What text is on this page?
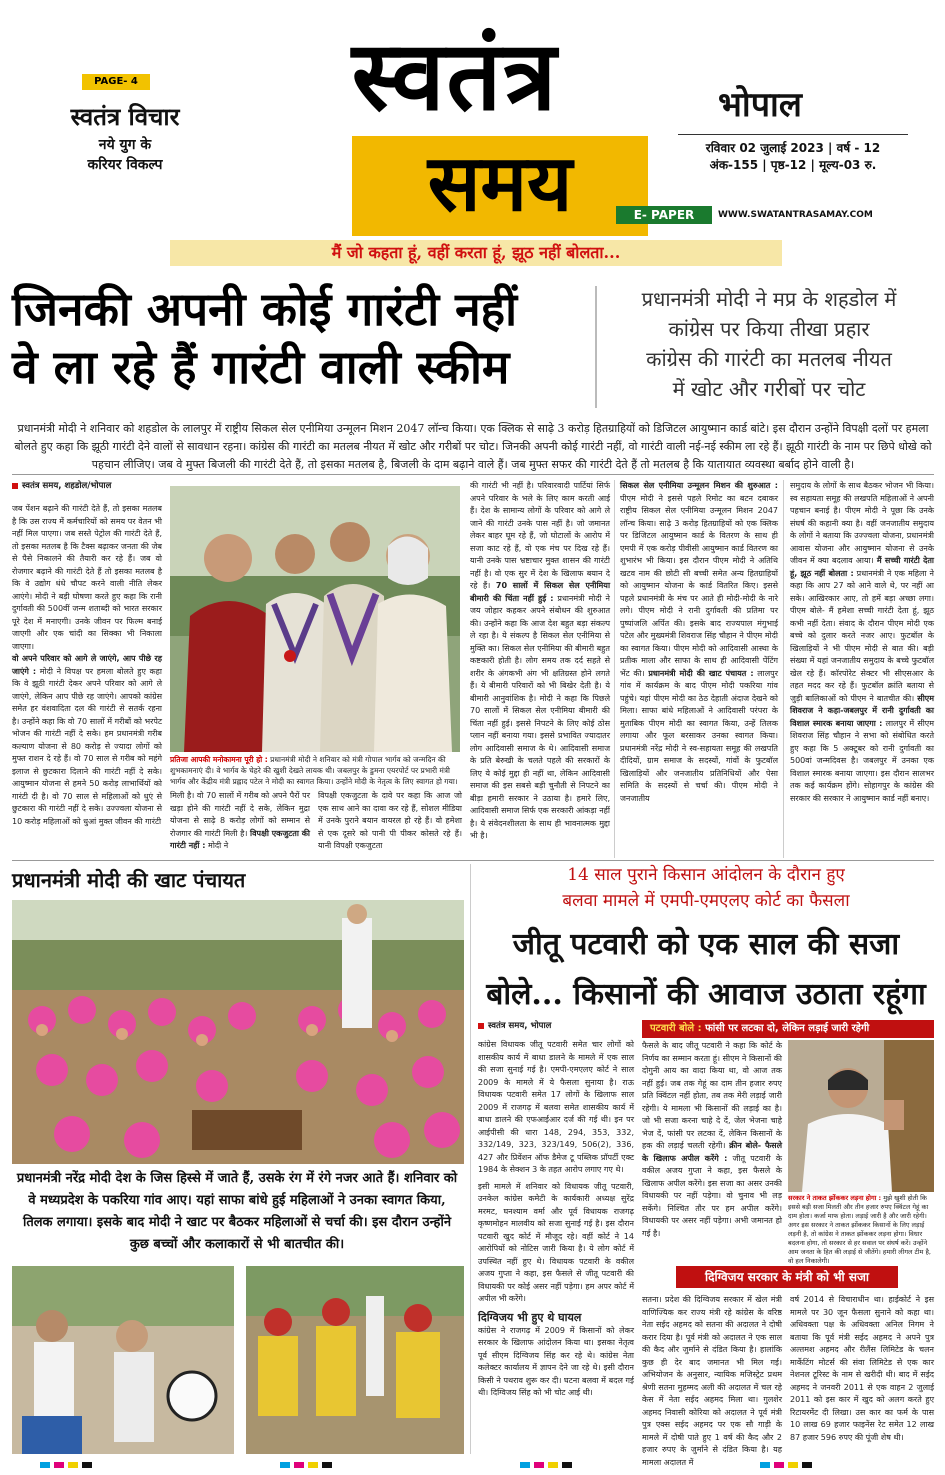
PAGE- 4
स्वतंत्र विचार
नये युग के
करियर विकल्प
स्वतंत्र
समय
भोपाल
रविवार 02 जुलाई 2023 | वर्ष - 12
अंक-155 | पृष्ठ-12 | मूल्य-03 रु.
E- PAPER	WWW.SWATANTRASAMAY.COM
मैं जो कहता हूं, वहीं करता हूं, झूठ नहीं बोलता...
जिनकी अपनी कोई गारंटी नहीं
वे ला रहे हैं गारंटी वाली स्कीम
प्रधानमंत्री मोदी ने मप्र के शहडोल में
कांग्रेस पर किया तीखा प्रहार
कांग्रेस की गारंटी का मतलब नीयत
में खोट और गरीबों पर चोट
प्रधानमंत्री मोदी ने शनिवार को शहडोल के लालपुर में राष्ट्रीय सिकल सेल एनीमिया उन्मूलन मिशन 2047 लॉन्च किया। एक क्लिक से साढ़े 3 करोड़ हितग्राहियों को डिजिटल आयुष्मान कार्ड बांटे। इस दौरान उन्होंने विपक्षी दलों पर हमला बोलते हुए कहा कि झूठी गारंटी देने वालों से सावधान रहना। कांग्रेस की गारंटी का मतलब नीयत में खोट और गरीबों पर चोट। जिनकी अपनी कोई गारंटी नहीं, वो गारंटी वाली नई-नई स्कीम ला रहे हैं। झूठी गारंटी के नाम पर छिपे धोखे को पहचान लीजिए। जब वे मुफ्त बिजली की गारंटी देते हैं, तो इसका मतलब है, बिजली के दाम बढ़ाने वाले हैं। जब मुफ्त सफर की गारंटी देते हैं तो मतलब है कि यातायात व्यवस्था बर्बाद होने वाली है।
स्वतंत्र समय, शहडोल/भोपाल
जब पेंशन बढ़ाने की गारंटी देते हैं, तो इसका मतलब है कि उस राज्य में कर्मचारियों को समय पर वेतन भी नहीं मिल पाएगा। जब सस्ते पेट्रोल की गारंटी देते हैं, तो इसका मतलब है कि टैक्स बढ़ाकर जनता की जेब से पैसे निकालने की तैयारी कर रहे हैं। जब वो रोजगार बढ़ाने की गारंटी देते हैं तो इसका मतलब है कि वे उद्योग धंधे चौपट करने वाली नीति लेकर आएंगे। मोदी ने बड़ी घोषणा करते हुए कहा कि रानी दुर्गावती की 500वीं जन्म शताब्दी को भारत सरकार पूरे देश में मनाएगी। उनके जीवन पर फिल्म बनाई जाएगी और एक चांदी का सिक्का भी निकाला जाएगा।
वो अपने परिवार को आगे ले जाएंगे, आप पीछे रह जाएंगे : मोदी ने विपक्ष पर हमला बोलते हुए कहा कि वे झूठी गारंटी देकर अपने परिवार को आगे ले जाएंगे, लेकिन आप पीछे रह जाएंगे। आपको कांग्रेस समेत हर वंशवादिता दल की गारंटी से सतर्क रहना है। उन्होंने कहा कि वो 70 सालों में गरीबों को भरपेट भोजन की गारंटी नहीं दे सके। हम प्रधानमंत्री गरीब कल्याण योजना से 80 करोड़ से ज्यादा लोगों को मुफ्त राशन दे रहे हैं। वो 70 साल से गरीब को महंगे इलाज से छुटकारा दिलाने की गारंटी नहीं दे सके। आयुष्मान योजना से हमने 50 करोड़ लाभार्थियों को गारंटी दी है। वो 70 साल से महिलाओं को धुएं से छुटकारा की गारंटी नहीं दे सके। उज्ज्वला योजना से 10 करोड़ महिलाओं को धुआं मुक्त जीवन की गारंटी
प्रतिजा आपकी मनोकामना पूरी हो : प्रधानमंत्री मोदी ने शनिवार को मंत्री गोपाल भार्गव को जन्मदिन की शुभकामनाएं दी। वे भार्गव के चेहरे की खुशी देखते लायक थी। जबलपुर के डुमना एयरपोर्ट पर प्रभारी मंत्री भार्गव और केंद्रीय मंत्री प्रह्लाद पटेल ने मोदी का स्वागत किया। उन्होंने मोदी के नेतृत्व के लिए स्वागत हो गया।
मिली है। वो 70 सालों में गरीब को अपने पैरों पर खड़ा होने की गारंटी नहीं दे सके, लेकिन मुद्रा योजना से साढ़े 8 करोड़ लोगों को सम्मान से रोजगार की गारंटी मिली है। विपक्षी एकजुटता की गारंटी नहीं : मोदी ने
विपक्षी एकजुटता के दावे पर कहा कि आज जो एक साथ आने का दावा कर रहे हैं, सोशल मीडिया में उनके पुराने बयान वायरल हो रहे हैं। वो हमेशा से एक दूसरे को पानी पी पीकर कोसते रहे हैं। यानी विपक्षी एकजुटता
की गारंटी भी नहीं है। परिवारवादी पार्टियां सिर्फ अपने परिवार के भले के लिए काम करती आई हैं। देश के सामान्य लोगों के परिवार को आगे ले जाने की गारंटी उनके पास नहीं है। जो जमानत लेकर बाहर घूम रहे हैं, जो घोटालों के आरोप में सजा काट रहे हैं, वो एक मंच पर दिख रहे हैं। यानी उनके पास भ्रष्टाचार मुक्त शासन की गारंटी नहीं है। वो एक सुर में देश के खिलाफ बयान दे रहे हैं। 70 सालों में सिकल सेल एनीमिया बीमारी की चिंता नहीं हुई : प्रधानमंत्री मोदी ने जय जोहार कहकर अपने संबोधन की शुरुआत की। उन्होंने कहा कि आज देश बहुत बड़ा संकल्प ले रहा है। ये संकल्प है सिकल सेल एनीमिया से मुक्ति का। सिकल सेल एनीमिया की बीमारी बहुत कष्टकारी होती है। लोग समय तक दर्द सहते से शरीर के अंगकभी अंग भी क्षतिग्रस्त होने लगते हैं। ये बीमारी परिवारों को भी बिखेर देती है। ये बीमारी आनुवांशिक है। मोदी ने कहा कि पिछले 70 सालों में सिकल सेल एनीमिया बीमारी की चिंता नहीं हुई। इससे निपटने के लिए कोई ठोस प्लान नहीं बनाया गया। इससे प्रभावित ज्यादातर लोग आदिवासी समाज के थे। आदिवासी समाज के प्रति बेरुखी के चलते पहले की सरकारों के लिए ये कोई मुद्दा ही नहीं था, लेकिन आदिवासी समाज की इस सबसे बड़ी चुनौती से निपटने का बीड़ा हमारी सरकार ने उठाया है। हमारे लिए, आदिवासी समाज सिर्फ एक सरकारी आंकड़ा नहीं है। ये संवेदनशीलता के साथ ही भावनात्मक मुद्दा भी है।
सिकल सेल एनीमिया उन्मूलन मिशन की शुरुआत : पीएम मोदी ने इससे पहले रिमोट का बटन दबाकर राष्ट्रीय सिकल सेल एनीमिया उन्मूलन मिशन 2047 लॉन्च किया। साढ़े 3 करोड़ हितग्राहियों को एक क्लिक पर डिजिटल आयुष्मान कार्ड के वितरण के साथ ही एमपी में एक करोड़ पीवीसी आयुष्मान कार्ड वितरण का शुभारंभ भी किया। इस दौरान पीएम मोदी ने अतिथि खटव नाम की छोटी सी बच्ची समेत अन्य हितग्राहियों को आयुष्मान योजना के कार्ड वितरित किए। इससे पहले प्रधानमंत्री के मंच पर आते ही मोदी-मोदी के नारे लगे। पीएम मोदी ने रानी दुर्गावती की प्रतिमा पर पुष्पांजलि अर्पित की। इसके बाद राज्यपाल मंगुभाई पटेल और मुख्यमंत्री शिवराज सिंह चौहान ने पीएम मोदी का स्वागत किया। पीएम मोदी को आदिवासी आस्था के प्रतीक माला और साफा के साथ ही आदिवासी पेंटिंग भेंट की। प्रधानमंत्री मोदी की खाट पंचायत : लालपुर गांव में कार्यक्रम के बाद पीएम मोदी पकरिया गांव पहुंचे। यहां पीएम मोदी का ठेठ देहाती अंदाज देखने को मिला। साफा बांधे महिलाओं ने आदिवासी परंपरा के मुताबिक पीएम मोदी का स्वागत किया, उन्हें तिलक लगाया और फूल बरसाकर उनका स्वागत किया। प्रधानमंत्री नरेंद्र मोदी ने स्व-सहायता समूह की लखपति दीदियों, ग्राम समाज के सदस्यों, गांवों के फुटबॉल खिलाड़ियों और जनजातीय प्रतिनिधियों और पेसा समिति के सदस्यों से चर्चा की। पीएम मोदी ने जनजातीय
समुदाय के लोगों के साथ बैठकर भोजन भी किया। स्व सहायता समूह की लखपति महिलाओं ने अपनी पहचान बनाई है। पीएम मोदी ने पूछा कि उनके संघर्ष की कहानी क्या है। वहीं जनजातीय समुदाय के लोगों ने बताया कि उज्ज्वला योजना, प्रधानमंत्री आवास योजना और आयुष्मान योजना से उनके जीवन में क्या बदलाव आया। मैं सच्ची गारंटी देता हूं, झूठ नहीं बोलता : प्रधानमंत्री ने एक महिला ने कहा कि आप 27 को आने वाले थे, पर नहीं आ सके। आखिरकार आए, तो हमें बड़ा अच्छा लगा। पीएम बोले- मैं हमेशा सच्ची गारंटी देता हूं, झूठ कभी नहीं देता। संवाद के दौरान पीएम मोदी एक बच्चे को दुलार करते नजर आए। फुटबॉल के खिलाड़ियों ने भी पीएम मोदी से बात की। बड़ी संख्या में यहां जनजातीय समुदाय के बच्चे फुटबॉल खेल रहे हैं। कॉरपोरेट सेक्टर भी सीएसआर के तहत मदद कर रहे हैं। फुटबॉल क्रांति बताया से जुड़ी बालिकाओं को पीएम ने बातचीत की। सीएम शिवराज ने कहा-जबलपुर में रानी दुर्गावती का विशाल स्मारक बनाया जाएगा : लालपुर में सीएम शिवराज सिंह चौहान ने सभा को संबोधित करते हुए कहा कि 5 अक्टूबर को रानी दुर्गावती का 500वां जन्मदिवस है। जबलपुर में उनका एक विशाल स्मारक बनाया जाएगा। इस दौरान सालभर तक कई कार्यक्रम होंगे। सोहागपुर के कांग्रेस की सरकार की सरकार ने आयुष्मान कार्ड नहीं बनाए।
प्रधानमंत्री मोदी की खाट पंचायत
प्रधानमंत्री नरेंद्र मोदी देश के जिस हिस्से में जाते हैं, उसके रंग में रंगे नजर आते हैं। शनिवार को वे मध्यप्रदेश के पकरिया गांव आए। यहां साफा बांधे हुई महिलाओं ने उनका स्वागत किया, तिलक लगाया। इसके बाद मोदी ने खाट पर बैठकर महिलाओं से चर्चा की। इस दौरान उन्होंने कुछ बच्चों और कलाकारों से भी बातचीत की।
14 साल पुराने किसान आंदोलन के दौरान हुए
बलवा मामले में एमपी-एमएलए कोर्ट का फैसला
जीतू पटवारी को एक साल की सजा
बोले... किसानों की आवाज उठाता रहूंगा
स्वतंत्र समय, भोपाल
कांग्रेस विधायक जीतू पटवारी समेत चार लोगों को शासकीय कार्य में बाधा डालने के मामले में एक साल की सजा सुनाई गई है। एमपी-एमएलए कोर्ट ने साल 2009 के मामले में ये फैसला सुनाया है। राऊ विधायक पटवारी समेत 17 लोगों के खिलाफ साल 2009 में राजगढ़ में बलवा समेत शासकीय कार्य में बाधा डालने की एफआईआर दर्ज की गई थी। इन पर आईपीसी की धारा 148, 294, 353, 332, 332/149, 323, 323/149, 506(2), 336, 427 और प्रिवेंशन ऑफ डैमेज टू पब्लिक प्रॉपर्टी एक्ट 1984 के सेक्शन 3 के तहत आरोप लगाए गए थे।
इसी मामले में शनिवार को विधायक जीतू पटवारी, उनकेल कांग्रेस कमेटी के कार्यकारी अध्यक्ष सुरेंद्र मरमट, घनश्याम वर्मा और पूर्व विधायक राजगढ़ कृष्णमोहन मालवीय को सजा सुनाई गई है। इस दौरान पटवारी खुद कोर्ट में मौजूद रहे। वहीं कोर्ट ने 14 आरोपियों को नोटिस जारी किया है। ये लोग कोर्ट में उपस्थित नहीं हुए थे। विधायक पटवारी के वकील अजय गुप्ता ने कहा, इस फैसले से जीतू पटवारी की विधायकी पर कोई असर नहीं पड़ेगा। हम अपर कोर्ट में अपील भी करेंगे।
दिग्विजय भी हुए थे घायल
कांग्रेस ने राजगढ़ में 2009 में किसानों को लेकर सरकार के खिलाफ आंदोलन किया था। इसका नेतृत्व पूर्व सीएम दिग्विजय सिंह कर रहे थे। कांग्रेस नेता कलेक्टर कार्यालय में ज्ञापन देने जा रहे थे। इसी दौरान किसी ने पथराव शुरू कर दी। घटना बलवा में बदल गई थी। दिग्विजय सिंह को भी चोट आई थी।
पटवारी बोले : फांसी पर लटका दो, लेकिन लड़ाई जारी रहेगी
फैसले के बाद जीतू पटवारी ने कहा कि कोर्ट के निर्णय का सम्मान करता हूं। सीएम ने किसानों की दोगुनी आय का वादा किया था, वो आज तक नहीं हुई। जब तक गेहूं का दाम तीन हजार रुपए प्रति क्विंटल नहीं होता, तब तक मेरी लड़ाई जारी रहेगी। ये मामला भी किसानों की लड़ाई का है। जो भी सजा करना चाहे दे दें, जेल भेजना चाहे भेज दें, फांसी पर लटका दें, लेकिन किसानों के हक की लड़ाई चलती रहेगी। क्रीन बोले- फैसले के खिलाफ अपील करेंगे : जीतू पटवारी के वकील अजय गुप्ता ने कहा, इस फैसले के खिलाफ अपील करेंगे। इस सजा का असर उनकी विधायकी पर नहीं पड़ेगा। वो चुनाव भी लड़ सकेंगे। निश्चित तौर पर हम अपील करेंगे। विधायकी पर असर नहीं पड़ेगा। अभी जमानत हो गई है।
सरकार ने ताकत झोंककर लड़ना होगा : मुझे खुशी होती कि इससे बड़ी सजा मिलती और तीन हजार रुपए क्विंटल गेहूं का दाम होता। कर्जा माफ होता। लड़ाई जारी है और जारी रहेगी। अगर इस सरकार ने ताकत झोंककर किसानों के लिए लड़ाई लड़नी है, तो कांग्रेस ने ताकत झोंककर लड़ना होगा। विधार बदलना होगा, तो सरकार से हर सवाल पर संघर्ष करें। उन्होंने आम जनता के हित की लड़ाई से जीतेंगे। हमारी लीगल टीम है, वो हल निकालेगी।
दिग्विजय सरकार के मंत्री को भी सजा
सतना। प्रदेश की दिग्विजय सरकार में खेल मंत्री वाणिज्यिक कर राज्य मंत्री रहे कांग्रेस के वरिष्ठ नेता सईद अहमद को सतना की अदालत ने दोषी करार दिया है। पूर्व मंत्री को अदालत ने एक साल की कैद और जुर्माने से दंडित किया है। हालांकि कुछ ही देर बाद जमानत भी मिल गई। अभियोजन के अनुसार, न्यायिक मजिस्ट्रेट प्रथम श्रेणी सतना मुहम्मद अली की अदालत में चल रहे केस में नेता सईद अहमद मिला था। गुलशेर अहमद निवासी कोरिया को अदालत ने पूर्व मंत्री पुत्र एक्स सईद अहमद पर एक सौ गाड़ी के मामले में दोषी पाते हुए 1 वर्ष की कैद और 2 हजार रुपए के जुर्माने से दंडित किया है। यह मामला अदालत में
वर्ष 2014 से विचाराधीन था। हाईकोर्ट ने इस मामले पर 30 जून फैसला सुनाने को कहा था। अधिवक्ता पक्ष के अधिवक्ता अनिल निगम ने बताया कि पूर्व मंत्री सईद अहमद ने अपने पुत्र अल्तमश अहमद और रीलैंस लिमिटेड के चलन मार्केटिंग मोटर्स की संवा लिमिटेड से एक कार नेशनल टूरिस्ट के नाम से खरीदी थी। बाद में सईद अहमद ने जनवरी 2011 से एक वाहन 2 जुलाई 2011 को इस कार में खुद को अलग करते हुए रिटायरमेंट दी लिखा। उस कार का फर्म के पास 10 लाख 69 हजार फाइनेंस रेट समेत 12 लाख 87 हजार 596 रुपए की पूंजी शेष थी।
